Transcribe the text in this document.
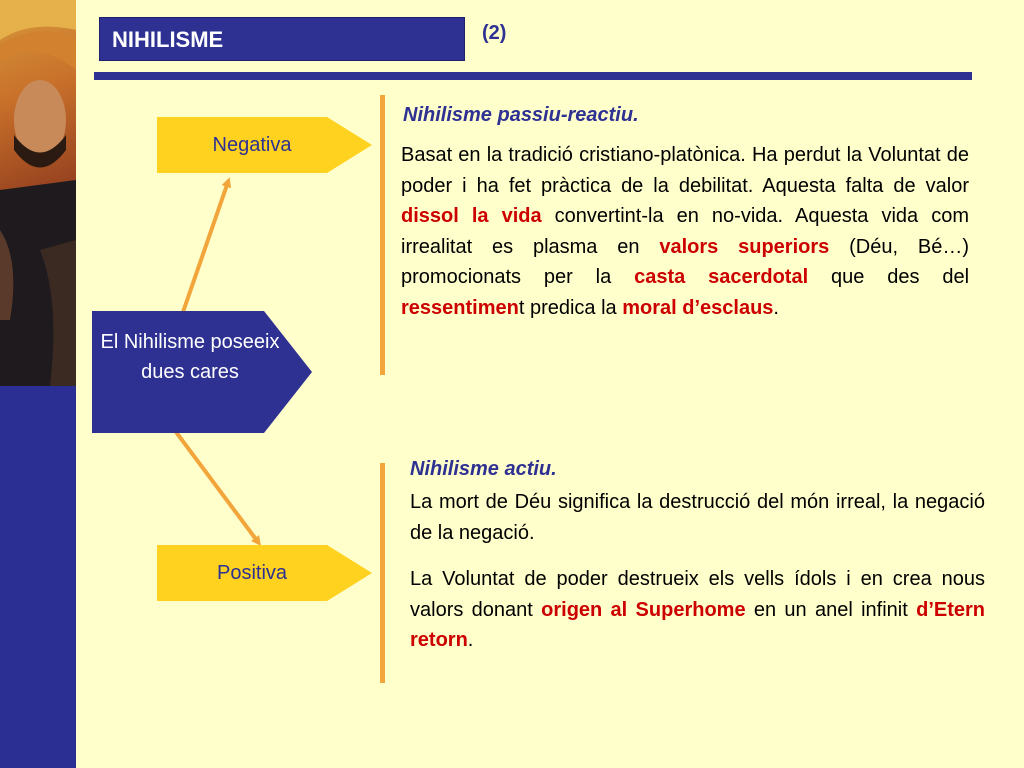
NIHILISME	(2)
Negativa
El Nihilisme poseeix dues cares
Positiva
Nihilisme passiu-reactiu.
Basat en la tradició cristiano-platònica. Ha perdut la Voluntat de poder i ha fet pràctica de la debilitat. Aquesta falta de valor dissol la vida convertint-la en no-vida. Aquesta vida com irrealitat es plasma en valors superiors (Déu, Bé…) promocionats per la casta sacerdotal que des del ressentiment predica la moral d’esclaus.
Nihilisme actiu.
La mort de Déu significa la destrucció del món irreal, la negació de la negació.
La Voluntat de poder destrueix els vells ídols i en crea nous valors donant origen al Superhome en un anel infinit d’Etern retorn.
